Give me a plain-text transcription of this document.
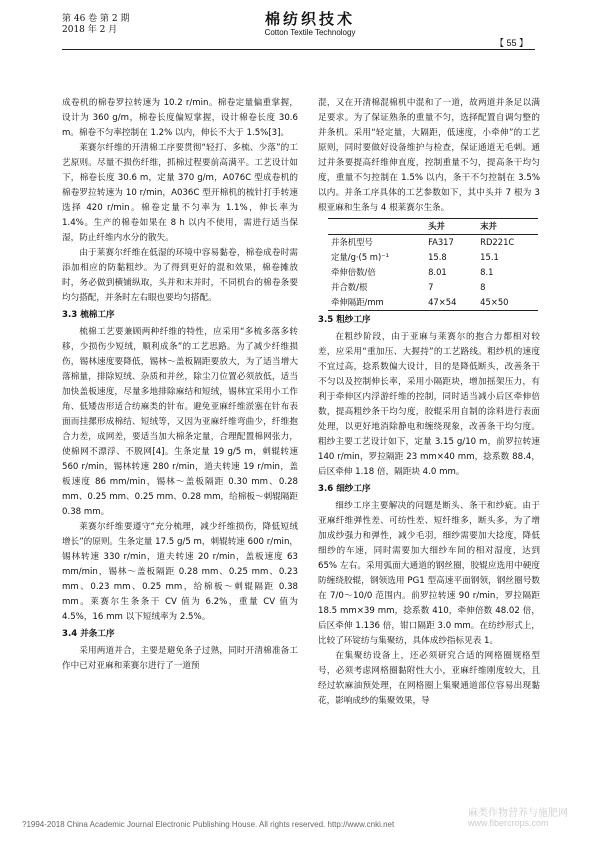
第 46 卷 第 2 期
2018 年 2 月
棉纺织技术
Cotton Textile Technology
【 55 】

成卷机的棉卷罗拉转速为 10.2 r/min。棉卷定量偏重掌握，设计为 360 g/m，棉卷长度偏短掌握，设计棉卷长度 30.6 m。棉卷不匀率控制在 1.2% 以内，伸长不大于 1.5%[3]。

莱赛尔纤维的开清棉工序要贯彻“轻打、多梳、少落”的工艺原则。尽量不损伤纤维，抓棉过程要前高满平。工艺设计如下，棉卷长度 30.6 m，定量 370 g/m，A076C 型成卷机的棉卷罗拉转速为 10 r/min，A036C 型开棉机的梳针打手转速选择 420 r/min。棉卷定量不匀率为 1.1%，伸长率为 1.4%。生产的棉卷如果在 8 h 以内不使用，需进行适当保湿，防止纤维内水分的散失。

由于莱赛尔纤维在低湿的环境中容易黏卷，棉卷成卷时需添加相应的防黏粗纱。为了得到更好的混和效果，棉卷摊放时，务必做到横铺纵取，头并和末并时，不同机台的棉卷条要均匀搭配，并条时左右眼也要均匀搭配。

3.3 梳棉工序

梳棉工艺要兼顾两种纤维的特性，应采用“多梳多落多转移，少损伤少短绒，顺利成条”的工艺思路。为了减少纤维损伤，锡林速度要降低，锡林～盖板隔距要放大，为了适当增大落棉量，排除短绒、杂质和并丝，除尘刀位置必须放低，适当加快盖板速度，尽量多地排除麻结和短绒，锡林宜采用小工作角、低矮齿形适合纺麻类的针布。避免亚麻纤维淤塞在针布表面而挂摞形成棉结、短绒等，又因为亚麻纤维弯曲少，纤维抱合力差，成网差，要适当加大棉条定量，合理配置棉网张力，使棉网不漂浮、不脱网[4]。生条定量 19 g/5 m，刺辊转速 560 r/min，锡林转速 280 r/min，道夫转速 19 r/min，盖板速度 86 mm/min，锡林～盖板隔距 0.30 mm、0.28 mm、0.25 mm、0.25 mm、0.28 mm，给棉板～刺辊隔距 0.38 mm。

莱赛尔纤维要遵守“充分梳理，减少纤维损伤，降低短绒增长”的原则。生条定量 17.5 g/5 m，刺辊转速 600 r/min，锡林转速 330 r/min，道夫转速 20 r/min，盖板速度 63 mm/min，锡林～盖板隔距 0.28 mm、0.25 mm、0.23 mm、0.23 mm、0.25 mm，给棉板～刺辊隔距 0.38 mm。莱赛尔生条条干 CV 值为 6.2%，重量 CV 值为 4.5%，16 mm 以下短绒率为 2.5%。

3.4 并条工序

采用两道并合，主要是避免条子过熟，同时开清棉准备工作中已对亚麻和莱赛尔进行了一道预

混，又在开清棉混棉机中混和了一道，故两道并条足以满足要求。为了保证熟条的重量不匀，选择配置自调匀整的并条机。采用“轻定量，大隔距，低速度，小牵伸”的工艺原则，同时要做好设备维护与检查，保证通道无毛刺。通过并条要提高纤维伸直度，控制重量不匀，提高条干均匀度，重量不匀控制在 1.5% 以内，条干不匀控制在 3.5% 以内。并条工序具体的工艺参数如下，其中头并 7 根为 3 根亚麻和生条与 4 根莱赛尔生条。

	头并	末并
并条机型号	FA317	RD221C
定量/g·(5 m)⁻¹	15.8	15.1
牵伸倍数/倍	8.01	8.1
并合数/根	7	8
牵伸隔距/mm	47×54	45×50

3.5 粗纱工序

在粗纱阶段，由于亚麻与莱赛尔的抱合力都相对较差，应采用“重加压、大握持”的工艺路线。粗纱机的速度不宜过高，捻系数偏大设计，目的是降低断头，改善条干不匀以及控制伸长率，采用小隔距块，增加摇架压力，有利于牵伸区内浮游纤维的控制，同时适当减小后区牵伸倍数，提高粗纱条干均匀度，胶辊采用自制的涂料进行表面处理，以更好地消除静电和缠绕现象，改善条干均匀度。粗纱主要工艺设计如下，定量 3.15 g/10 m，前罗拉转速 140 r/min，罗拉隔距 23 mm×40 mm，捻系数 88.4，后区牵伸 1.18 倍，隔距块 4.0 mm。

3.6 细纱工序

细纱工序主要解决的问题是断头、条干和纱疵。由于亚麻纤维弹性差、可纺性差、短纤维多，断头多，为了增加成纱强力和弹性，减少毛羽，细纱需要加大捻度，降低细纱的车速，同时需要加大细纱车间的相对湿度，达到 65% 左右。采用弧面大通道的钢丝圈，胶辊应选用中硬度防缠绕胶辊，钢领选用 PG1 型高速平面钢领，钢丝圈号数在 7/0～10/0 范围内。前罗拉转速 90 r/min，罗拉隔距 18.5 mm×39 mm，捻系数 410，牵伸倍数 48.02 倍，后区牵伸 1.136 倍，钳口隔距 3.0 mm。在纺纱形式上，比较了环锭纺与集聚纺，具体成纱指标见表 1。

在集聚纺设备上，还必须研究合适的网格圈规格型号，必须考虑网格圈黏附性大小，亚麻纤维刚度较大，且经过软麻油预处理，在网格圈上集聚通道部位容易出现黏花，影响成纱的集聚效果，导

麻类作物营养与施肥网
www.fibercrops.com
?1994-2018 China Academic Journal Electronic Publishing House. All rights reserved. http://www.cnki.net
